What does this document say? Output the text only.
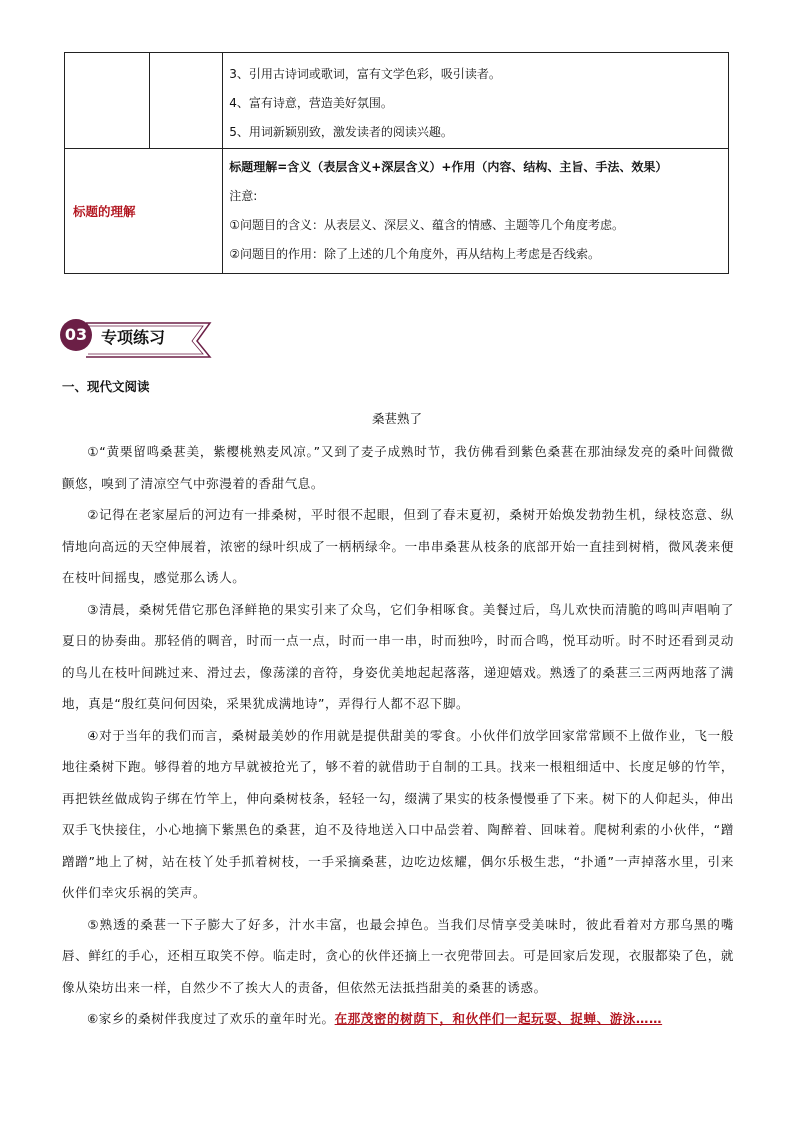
		3、引用古诗词或歌词，富有文学色彩，吸引读者。
4、富有诗意，营造美好氛围。
5、用词新颖别致，激发读者的阅读兴趣。

标题的理解		标题理解=含义（表层含义+深层含义）+作用（内容、结构、主旨、手法、效果）
注意:
①问题目的含义：从表层义、深层义、蕴含的情感、主题等几个角度考虑。
②问题目的作用：除了上述的几个角度外，再从结构上考虑是否线索。
03 专项练习
一、现代文阅读
桑葚熟了

①“黄栗留鸣桑葚美，紫樱桃熟麦风凉。”又到了麦子成熟时节，我仿佛看到紫色桑葚在那油绿发亮的桑叶间微微颤悠，嗅到了清凉空气中弥漫着的香甜气息。

②记得在老家屋后的河边有一排桑树，平时很不起眼，但到了春末夏初，桑树开始焕发勃勃生机，绿枝恣意、纵情地向高远的天空伸展着，浓密的绿叶织成了一柄柄绿伞。一串串桑葚从枝条的底部开始一直挂到树梢，微风袭来便在枝叶间摇曳，感觉那么诱人。

③清晨，桑树凭借它那色泽鲜艳的果实引来了众鸟，它们争相啄食。美餐过后，鸟儿欢快而清脆的鸣叫声唱响了夏日的协奏曲。那轻俏的啁音，时而一点一点，时而一串一串，时而独吟，时而合鸣，悦耳动听。时不时还看到灵动的鸟儿在枝叶间跳过来、滑过去，像荡漾的音符，身姿优美地起起落落，递迎嬉戏。熟透了的桑葚三三两两地落了满地，真是“殷红莫问何因染，采果犹成满地诗”，弄得行人都不忍下脚。

④对于当年的我们而言，桑树最美妙的作用就是提供甜美的零食。小伙伴们放学回家常常顾不上做作业，飞一般地往桑树下跑。够得着的地方早就被抢光了，够不着的就借助于自制的工具。找来一根粗细适中、长度足够的竹竿，再把铁丝做成钩子绑在竹竿上，伸向桑树枝条，轻轻一勾，缀满了果实的枝条慢慢垂了下来。树下的人仰起头，伸出双手飞快接住，小心地摘下紫黑色的桑葚，迫不及待地送入口中品尝着、陶醉着、回味着。爬树利索的小伙伴，“蹭蹭蹭”地上了树，站在枝丫处手抓着树枝，一手采摘桑葚，边吃边炫耀，偶尔乐极生悲，“扑通”一声掉落水里，引来伙伴们幸灾乐祸的笑声。

⑤熟透的桑葚一下子膨大了好多，汁水丰富，也最会掉色。当我们尽情享受美味时，彼此看着对方那乌黑的嘴唇、鲜红的手心，还相互取笑不停。临走时，贪心的伙伴还摘上一衣兜带回去。可是回家后发现，衣服都染了色，就像从染坊出来一样，自然少不了挨大人的责备，但依然无法抵挡甜美的桑葚的诱惑。

⑥家乡的桑树伴我度过了欢乐的童年时光。在那茂密的树荫下，和伙伴们一起玩耍、捉蝉、游泳……
